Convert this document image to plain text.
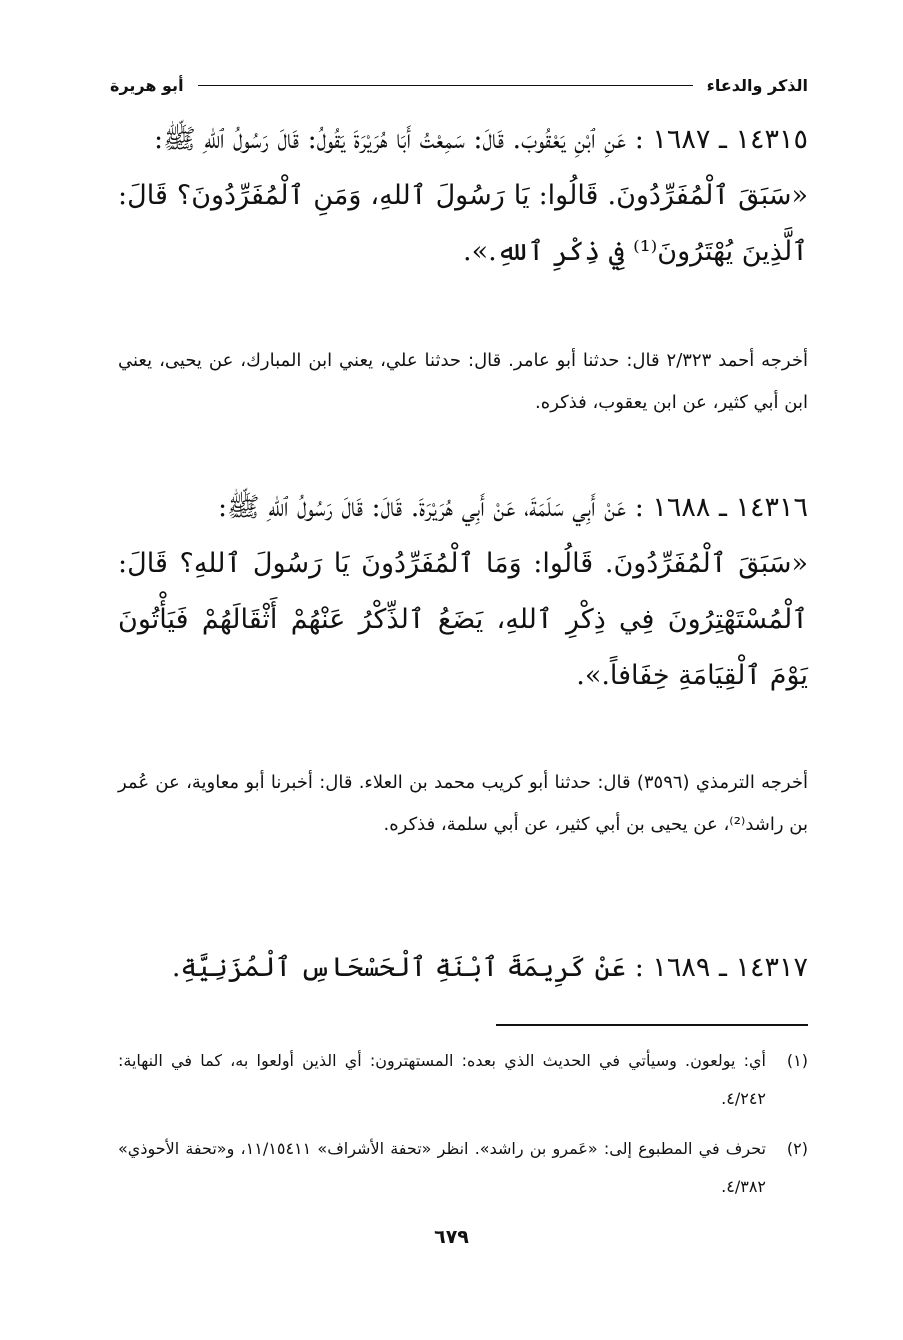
الذكر والدعاء
أبو هريرة

١٤٣١٥ ـ ١٦٨٧ : عَنِ ٱبْنِ يَعْقُوبَ. قَالَ: سَمِعْتُ أَبَا هُرَيْرَةَ يَقُولُ: قَالَ رَسُولُ ٱللهِ ﷺ:

«سَبَقَ ٱلْمُفَرِّدُونَ. قَالُوا: يَا رَسُولَ ٱللهِ، وَمَنِ ٱلْمُفَرِّدُونَ؟ قَالَ: ٱلَّذِينَ يُهْتَرُونَ⁽¹⁾ فِي ذِكْرِ ٱللهِ.».

أخرجه أحمد ٢/٣٢٣ قال: حدثنا أبو عامر. قال: حدثنا علي، يعني ابن المبارك، عن يحيى، يعني ابن أبي كثير، عن ابن يعقوب، فذكره.

١٤٣١٦ ـ ١٦٨٨ : عَنْ أَبِي سَلَمَةَ، عَنْ أَبِي هُرَيْرَةَ. قَالَ: قَالَ رَسُولُ ٱللهِ ﷺ:

«سَبَقَ ٱلْمُفَرِّدُونَ. قَالُوا: وَمَا ٱلْمُفَرِّدُونَ يَا رَسُولَ ٱللهِ؟ قَالَ: ٱلْمُسْتَهْتِرُونَ فِي ذِكْرِ ٱللهِ، يَضَعُ ٱلذِّكْرُ عَنْهُمْ أَثْقَالَهُمْ فَيَأْتُونَ يَوْمَ ٱلْقِيَامَةِ خِفَافاً.».

أخرجه الترمذي (٣٥٩٦) قال: حدثنا أبو كريب محمد بن العلاء. قال: أخبرنا أبو معاوية، عن عُمر بن راشد⁽²⁾، عن يحيى بن أبي كثير، عن أبي سلمة، فذكره.

١٤٣١٧ ـ ١٦٨٩ : عَنْ كَرِيمَةَ ٱبْنَةِ ٱلْحَسْحَاسِ ٱلْمُزَنِيَّةِ.

(١)
أي: يولعون. وسيأتي في الحديث الذي بعده: المستهترون: أي الذين أولعوا به، كما في النهاية: ٤/٢٤٢.
(٢)
تحرف في المطبوع إلى: «عَمرو بن راشد». انظر «تحفة الأشراف» ١١/١٥٤١١، و«تحفة الأحوذي» ٤/٣٨٢.
٦٧٩
